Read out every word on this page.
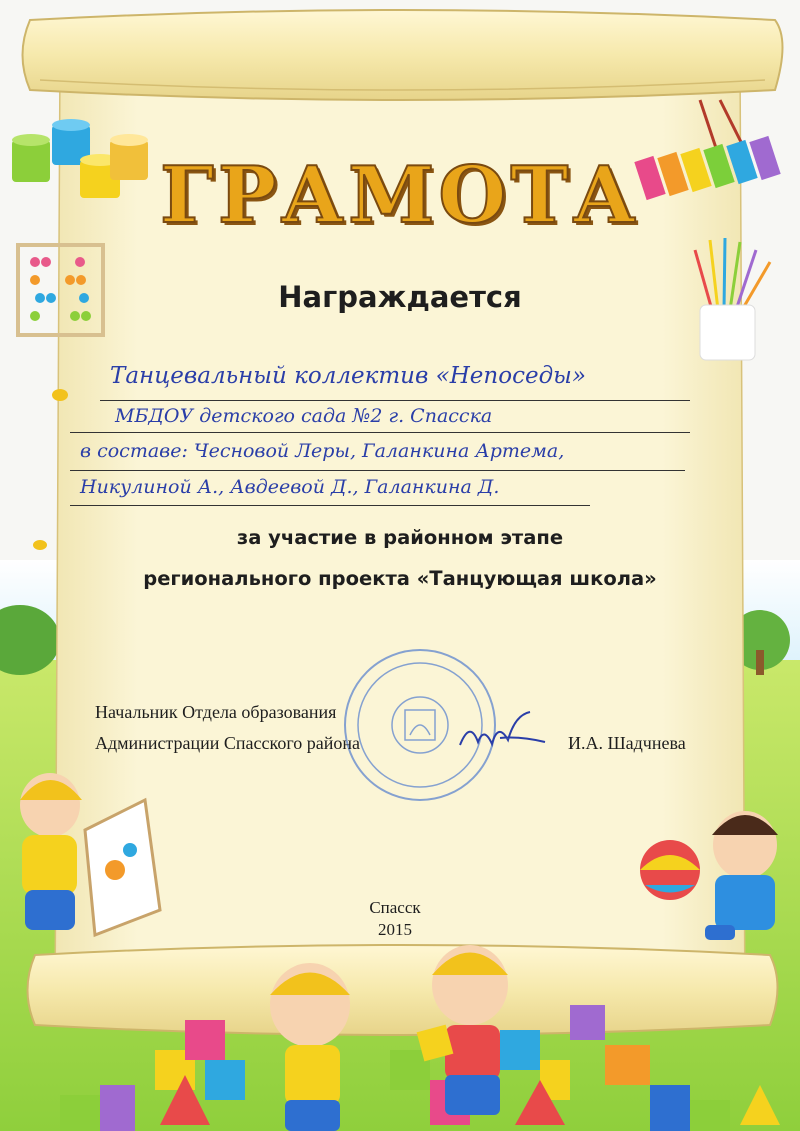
ГРАМОТА
Награждается
Танцевальный коллектив «Непоседы»
МБДОУ детского сада №2 г. Спасска
в составе: Чесновой Леры, Галанкина Артема,
Никулиной А., Авдеевой Д., Галанкина Д.
за участие в районном этапе
регионального проекта «Танцующая школа»
Начальник Отдела образования
Администрации Спасского района	И.А. Шадчнева
Спасск
2015
